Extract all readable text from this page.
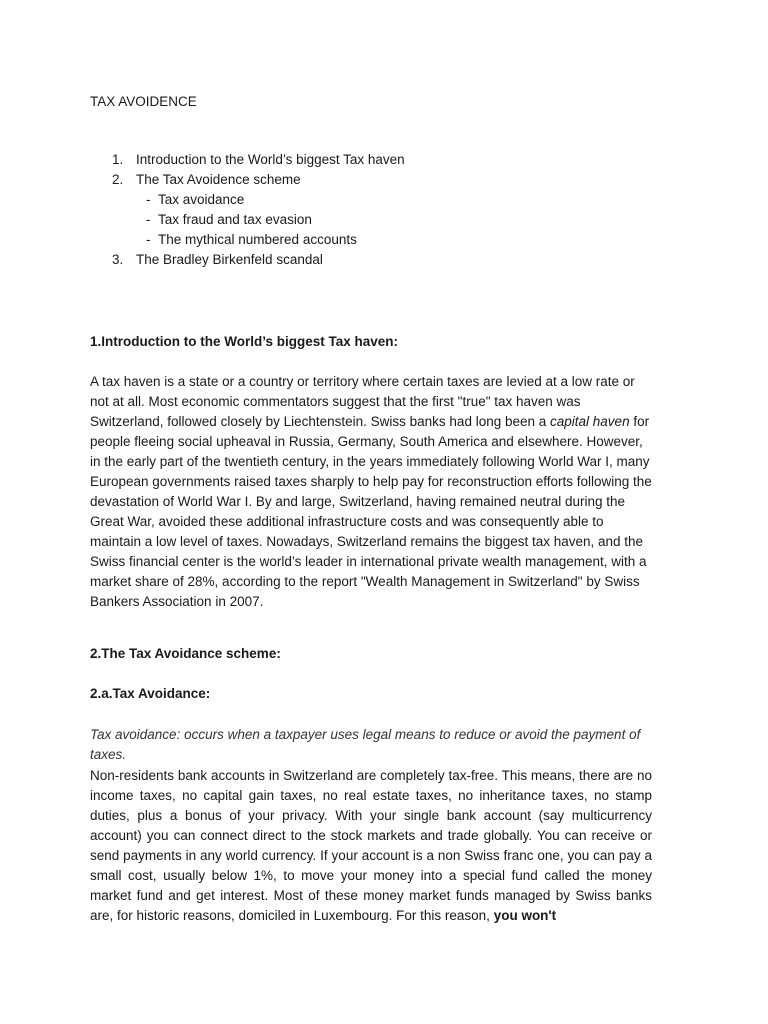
TAX AVOIDENCE
1. Introduction to the World’s biggest Tax haven
2. The Tax Avoidence scheme
- Tax avoidance
- Tax fraud and tax evasion
- The mythical numbered accounts
3. The Bradley Birkenfeld scandal
1.Introduction to the World’s biggest Tax haven:
A tax haven is a state or a country or territory where certain taxes are levied at a low rate or not at all. Most economic commentators suggest that the first "true" tax haven was Switzerland, followed closely by Liechtenstein. Swiss banks had long been a capital haven for people fleeing social upheaval in Russia, Germany, South America and elsewhere. However, in the early part of the twentieth century, in the years immediately following World War I, many European governments raised taxes sharply to help pay for reconstruction efforts following the devastation of World War I. By and large, Switzerland, having remained neutral during the Great War, avoided these additional infrastructure costs and was consequently able to maintain a low level of taxes. Nowadays, Switzerland remains the biggest tax haven, and the Swiss financial center is the world’s leader in international private wealth management, with a market share of 28%, according to the report "Wealth Management in Switzerland" by Swiss Bankers Association in 2007.
2.The Tax Avoidance scheme:
2.a.Tax Avoidance:
Tax avoidance: occurs when a taxpayer uses legal means to reduce or avoid the payment of taxes.
Non-residents bank accounts in Switzerland are completely tax-free. This means, there are no income taxes, no capital gain taxes, no real estate taxes, no inheritance taxes, no stamp duties, plus a bonus of your privacy. With your single bank account (say multicurrency account) you can connect direct to the stock markets and trade globally. You can receive or send payments in any world currency. If your account is a non Swiss franc one, you can pay a small cost, usually below 1%, to move your money into a special fund called the money market fund and get interest. Most of these money market funds managed by Swiss banks are, for historic reasons, domiciled in Luxembourg. For this reason, you won't
